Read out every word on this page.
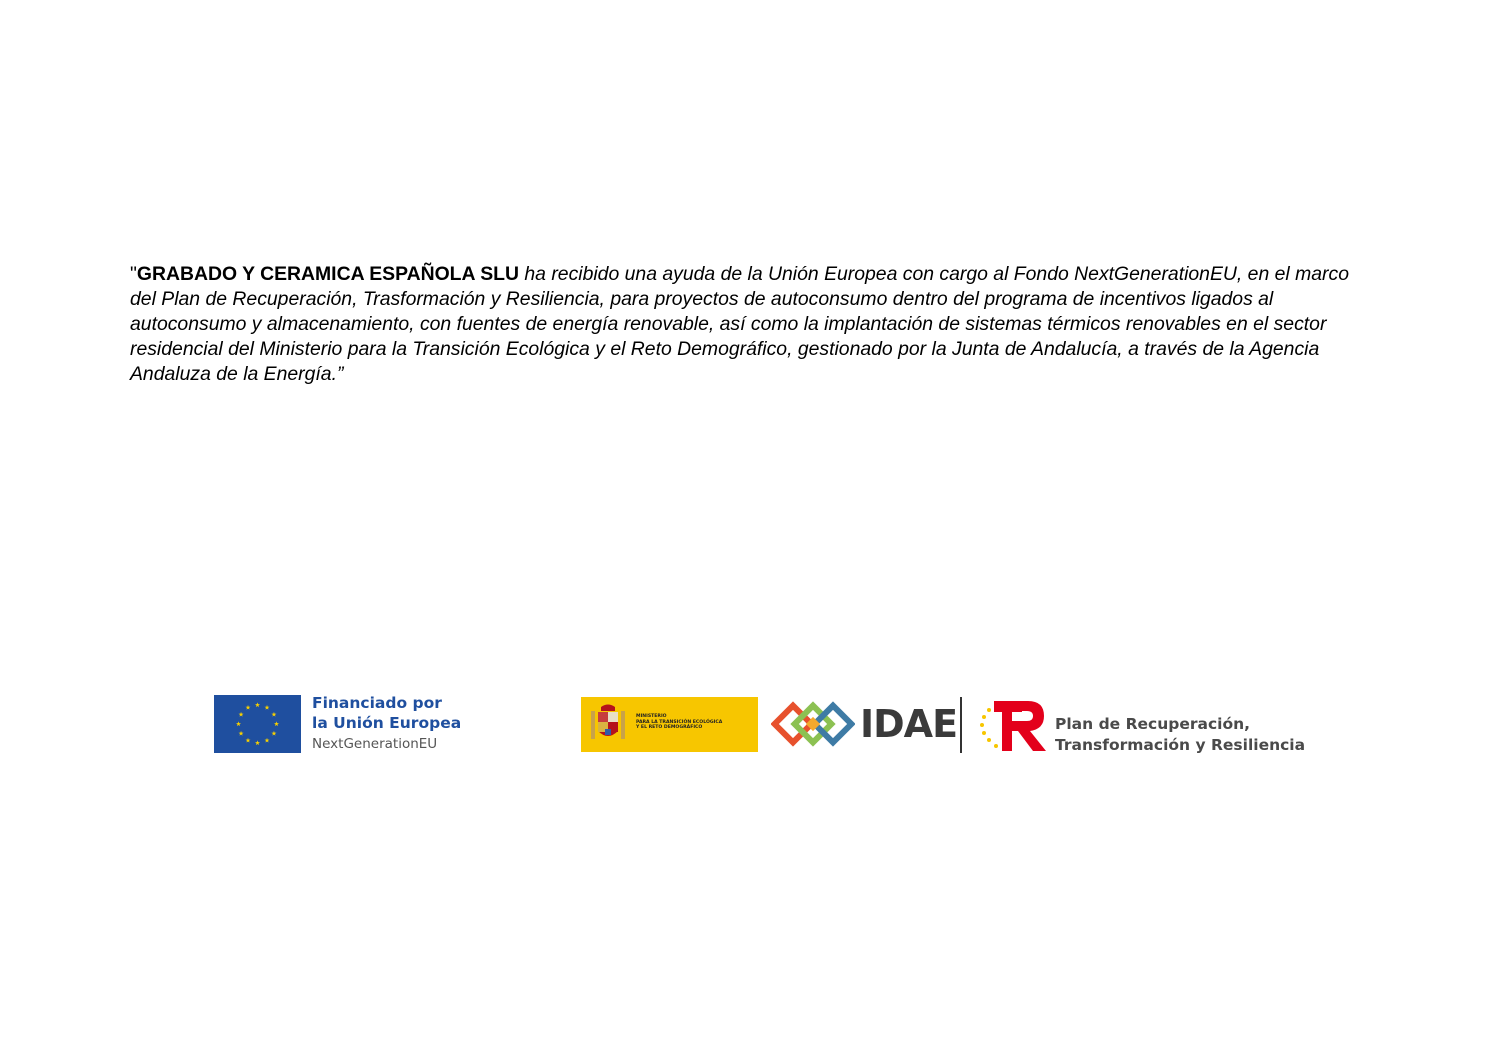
"GRABADO Y CERAMICA ESPAÑOLA SLU ha recibido una ayuda de la Unión Europea con cargo al Fondo NextGenerationEU, en el marco del Plan de Recuperación, Trasformación y Resiliencia, para proyectos de autoconsumo dentro del programa de incentivos ligados al autoconsumo y almacenamiento, con fuentes de energía renovable, así como la implantación de sistemas térmicos renovables en el sector residencial del Ministerio para la Transición Ecológica y el Reto Demográfico, gestionado por la Junta de Andalucía, a través de la Agencia Andaluza de la Energía.”

Financiado por
la Unión Europea
NextGenerationEU
MINISTERIO
PARA LA TRANSICIÓN ECOLÓGICA
Y EL RETO DEMOGRÁFICO	IDAE	Plan de Recuperación,
Transformación y Resiliencia
